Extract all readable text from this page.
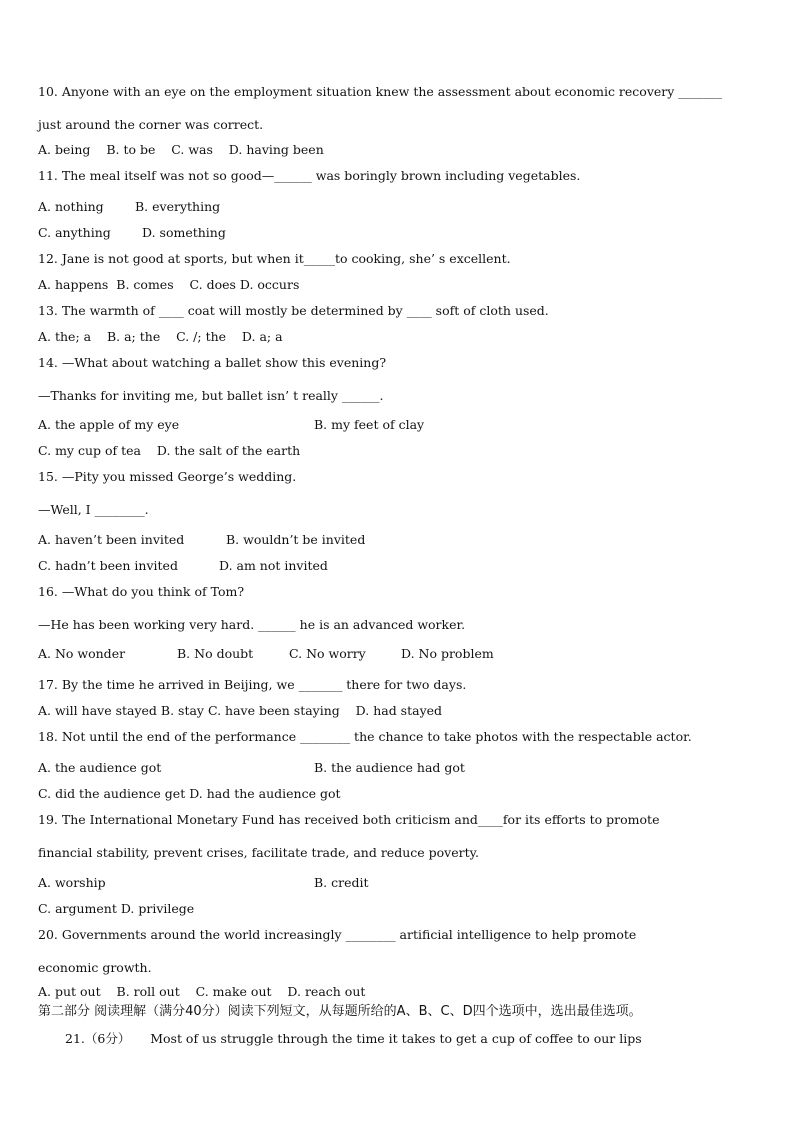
10. Anyone with an eye on the employment situation knew the assessment about economic recovery _______
just around the corner was correct.
A. being    B. to be    C. was    D. having been
11. The meal itself was not so good—______ was boringly brown including vegetables.

A. nothing

	B. everything

C. anything

D. something

12. Jane is not good at sports, but when it_____to cooking, she’ s excellent.
A. happens  B. comes    C. does D. occurs
13. The warmth of ____ coat will mostly be determined by ____ soft of cloth used.
A. the; a    B. a; the    C. /; the    D. a; a
14. —What about watching a ballet show this evening?
—Thanks for inviting me, but ballet isn’ t really ______.

A. the apple of my eye

	B. my feet of clay

C. my cup of tea    D. the salt of the earth
15. —Pity you missed George’s wedding.
—Well, I ________.

A. haven’t been invited

	B. wouldn’t be invited

C. hadn’t been invited

	D. am not invited

16. —What do you think of Tom?
—He has been working very hard. ______ he is an advanced worker.

A. No wonder

	B. No doubt

	C. No worry

	D. No problem

17. By the time he arrived in Beijing, we _______ there for two days.
A. will have stayed B. stay C. have been staying    D. had stayed
18. Not until the end of the performance ________ the chance to take photos with the respectable actor.

A. the audience got

	B. the audience had got

C. did the audience get D. had the audience got
19. The International Monetary Fund has received both criticism and____for its efforts to promote
financial stability, prevent crises, facilitate trade, and reduce poverty.

A. worship

	B. credit

C. argument D. privilege
20. Governments around the world increasingly ________ artificial intelligence to help promote
economic growth.
A. put out    B. roll out    C. make out    D. reach out
第二部分 阅读理解（满分40分）阅读下列短文，从每题所给的A、B、C、D四个选项中，选出最佳选项。
21.（6分）     Most of us struggle through the time it takes to get a cup of coffee to our lips
